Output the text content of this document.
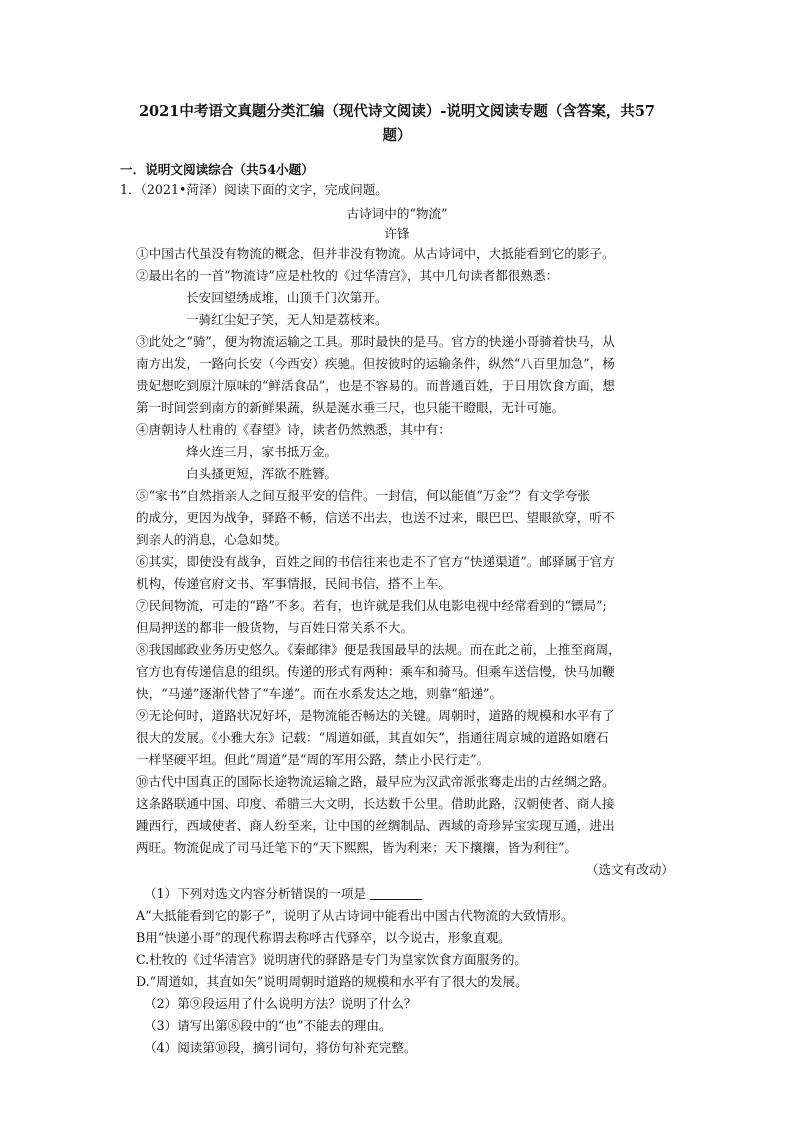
2021中考语文真题分类汇编（现代诗文阅读）-说明文阅读专题（含答案，共57
题）
一．说明文阅读综合（共54小题）
1．（2021•菏泽）阅读下面的文字，完成问题。
古诗词中的“物流”
许锋
①中国古代虽没有物流的概念，但并非没有物流。从古诗词中，大抵能看到它的影子。
②最出名的一首“物流诗”应是杜牧的《过华清宫》，其中几句读者都很熟悉：
长安回望绣成堆，山顶千门次第开。
一骑红尘妃子笑，无人知是荔枝来。
③此处之“骑”，便为物流运输之工具。那时最快的是马。官方的快递小哥骑着快马，从
南方出发，一路向长安（今西安）疾驰。但按彼时的运输条件，纵然“八百里加急”，杨
贵妃想吃到原汁原味的“鲜活食品”，也是不容易的。而普通百姓，于日用饮食方面，想
第一时间尝到南方的新鲜果蔬，纵是涎水垂三尺，也只能干瞪眼，无计可施。
④唐朝诗人杜甫的《春望》诗，读者仍然熟悉，其中有：
烽火连三月，家书抵万金。
白头搔更短，浑欲不胜簪。
⑤“家书”自然指亲人之间互报平安的信件。一封信，何以能值“万金”？有文学夸张
的成分，更因为战争，驿路不畅，信送不出去，也送不过来，眼巴巴、望眼欲穿，听不
到亲人的消息，心急如焚。
⑥其实，即使没有战争，百姓之间的书信往来也走不了官方“快递渠道”。邮驿属于官方
机构，传递官府文书、军事情报，民间书信，搭不上车。
⑦民间物流，可走的“路”不多。若有，也许就是我们从电影电视中经常看到的“镖局”;
但局押送的都非一般货物，与百姓日常关系不大。
⑧我国邮政业务历史悠久。《秦邮律》便是我国最早的法规。而在此之前，上推至商周，
官方也有传递信息的组织。传递的形式有两种：乘车和骑马。但乘车送信慢，快马加鞭
快，“马递”逐渐代替了“车递”。而在水系发达之地，则靠“船递”。
⑨无论何时，道路状况好坏，是物流能否畅达的关键。周朝时，道路的规模和水平有了
很大的发展。《小雅大东》记载：“周道如砥，其直如矢”，指通往周京城的道路如磨石
一样坚硬平坦。但此“周道”是“周的军用公路，禁止小民行走”。
⑩古代中国真正的国际长途物流运输之路，最早应为汉武帝派张骞走出的古丝绸之路。
这条路联通中国、印度、希腊三大文明，长达数千公里。借助此路，汉朝使者、商人接
踵西行，西域使者、商人纷至来，让中国的丝绸制品、西域的奇珍异宝实现互通，进出
两旺。物流促成了司马迁笔下的“天下熙熙，皆为利来；天下攘攘，皆为利往”。
（选文有改动）
（1）下列对选文内容分析错误的一项是
A“大抵能看到它的影子”，说明了从古诗词中能看出中国古代物流的大致情形。
B用“快递小哥”的现代称谓去称呼古代驿卒，以今说古，形象直观。
C.杜牧的《过华清宫》说明唐代的驿路是专门为皇家饮食方面服务的。
D.“周道如，其直如矢”说明周朝时道路的规模和水平有了很大的发展。
（2）第⑨段运用了什么说明方法？说明了什么？
（3）请写出第⑧段中的“也”不能去的理由。
（4）阅读第⑩段，摘引词句，将仿句补充完整。
